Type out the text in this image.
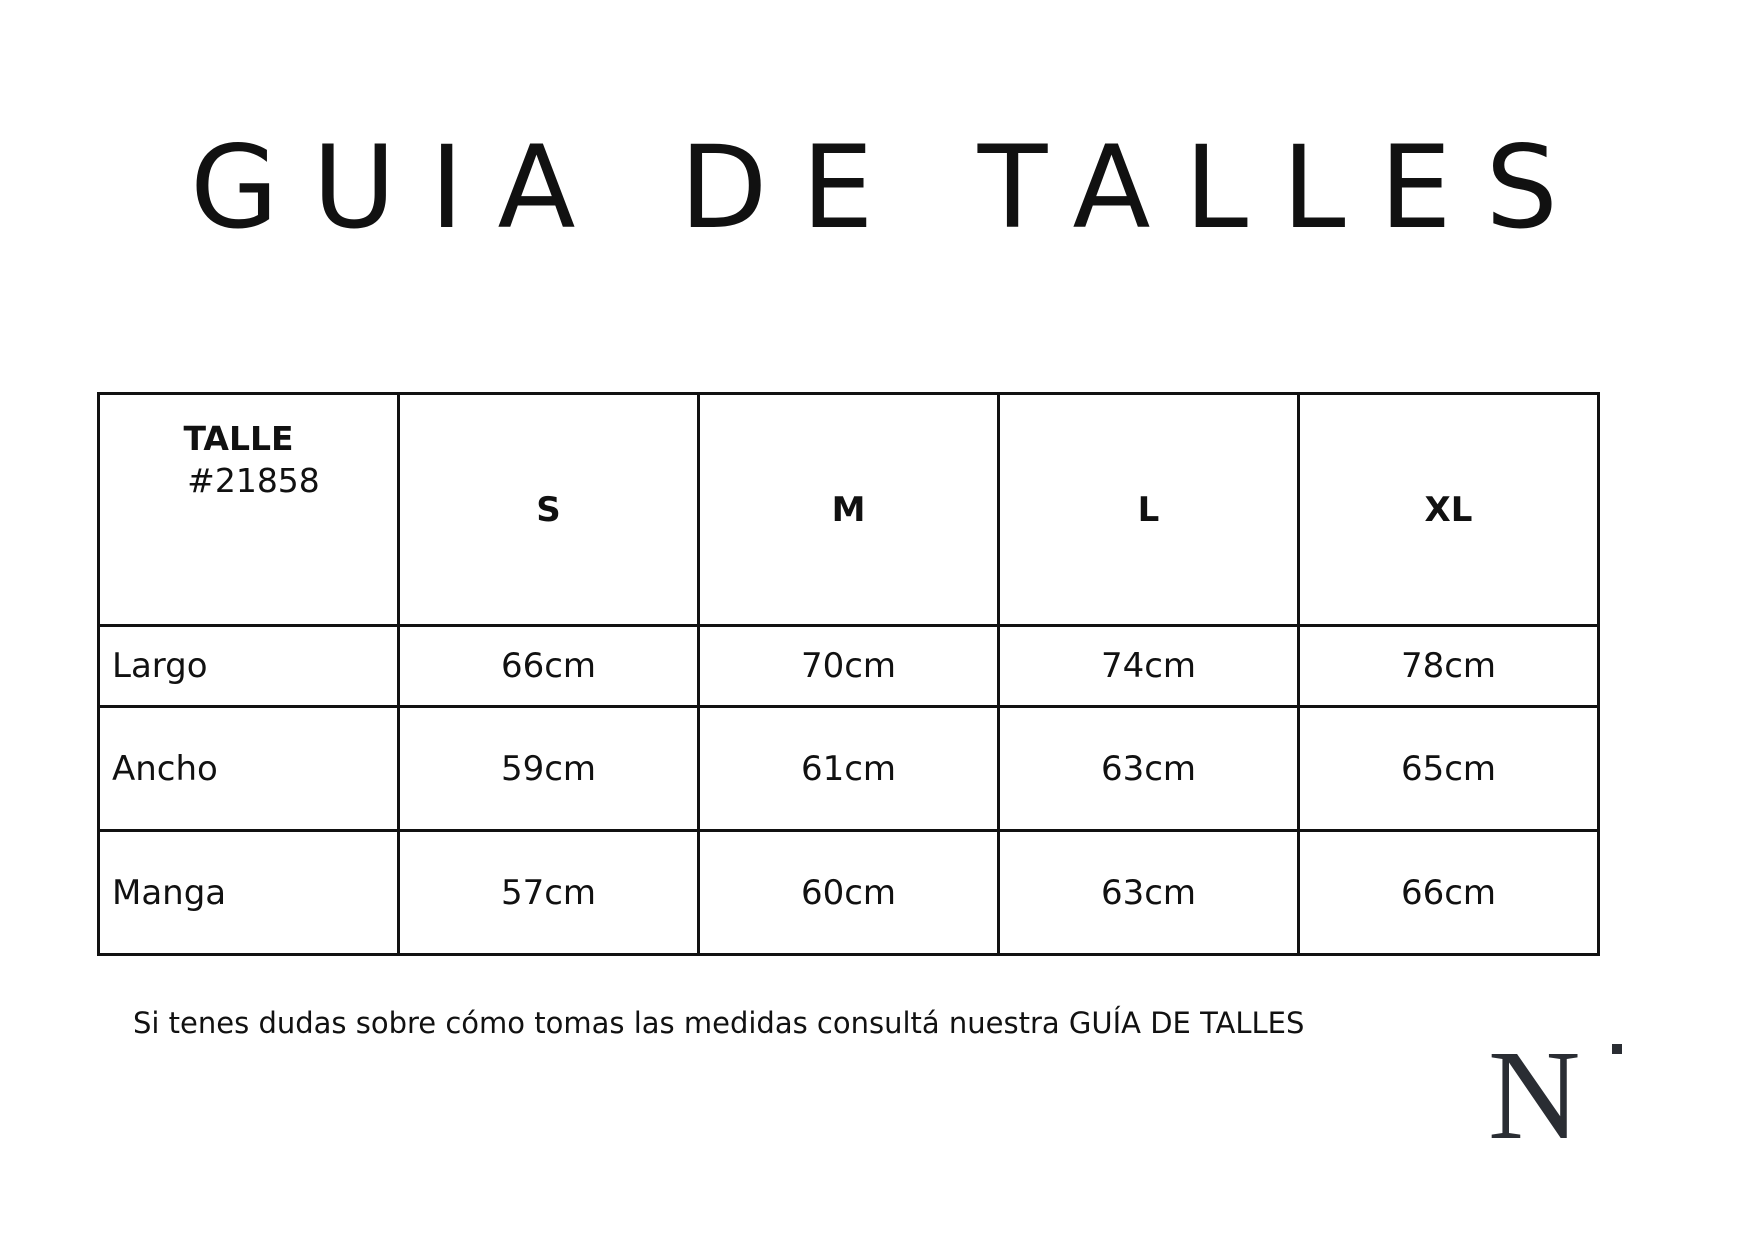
GUIA DE TALLES
TALLE
#21858	S	M	L	XL
Largo	66cm	70cm	74cm	78cm
Ancho	59cm	61cm	63cm	65cm
Manga	57cm	60cm	63cm	66cm
Si tenes dudas sobre cómo tomas las medidas consultá nuestra GUÍA DE TALLES
N
